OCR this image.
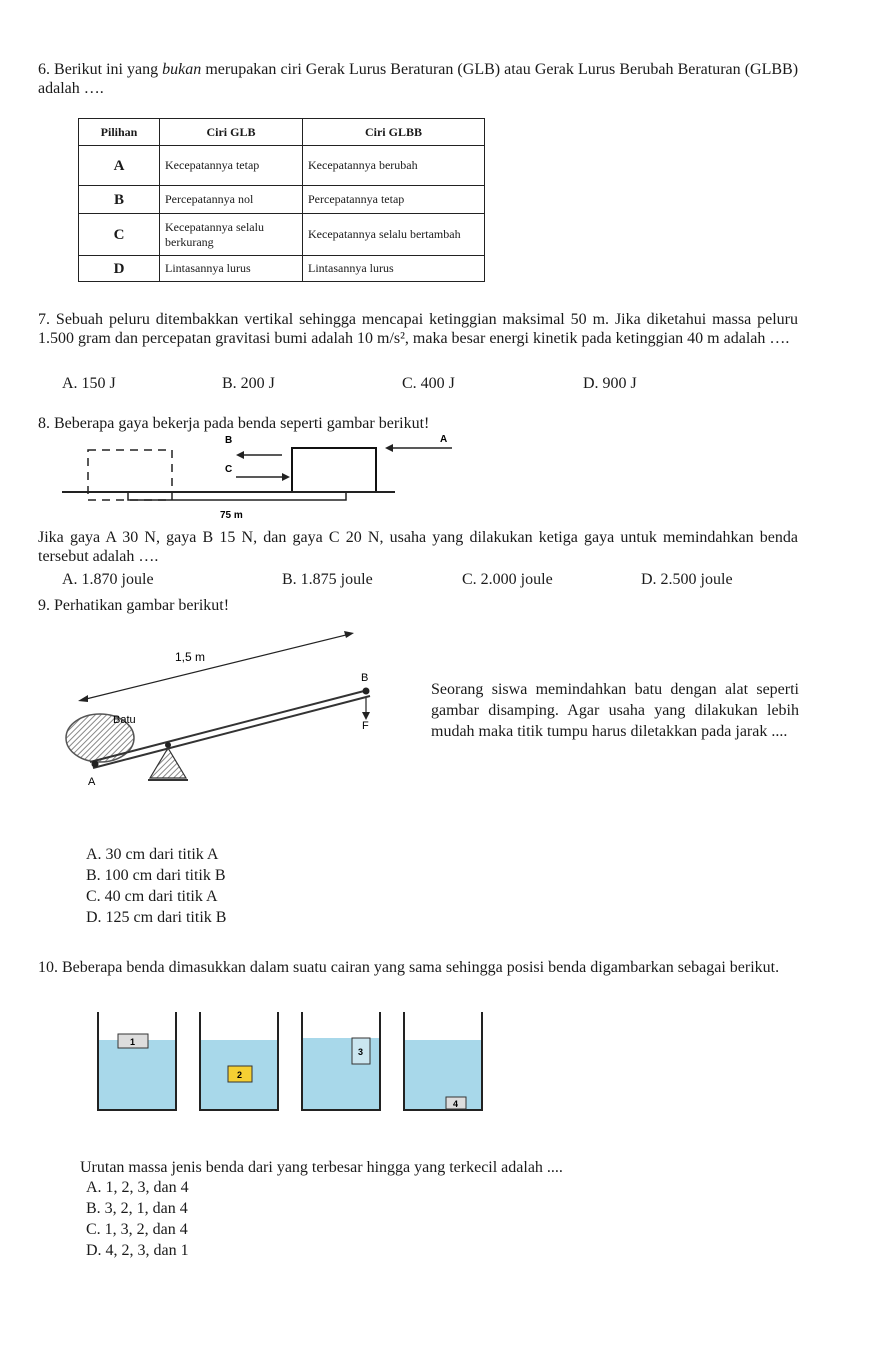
6. Berikut ini yang bukan merupakan ciri Gerak Lurus Beraturan (GLB) atau Gerak Lurus Berubah Beraturan (GLBB) adalah ….
Pilihan	Ciri GLB	Ciri GLBB
A	Kecepatannya tetap	Kecepatannya berubah
B	Percepatannya nol	Percepatannya tetap
C	Kecepatannya selalu berkurang	Kecepatannya selalu bertambah
D	Lintasannya lurus	Lintasannya lurus
7. Sebuah peluru ditembakkan vertikal sehingga mencapai ketinggian maksimal 50 m. Jika diketahui massa peluru 1.500 gram dan percepatan gravitasi bumi adalah 10 m/s², maka besar energi kinetik pada ketinggian 40 m adalah ….
A. 150 J	B. 200 J	C. 400 J	D. 900 J
8. Beberapa gaya bekerja pada benda seperti gambar berikut!
A
B
C
75 m
Jika gaya A 30 N, gaya B 15 N, dan gaya C 20 N, usaha yang dilakukan ketiga gaya untuk memindahkan benda tersebut adalah ….
A. 1.870 joule	B. 1.875 joule	C. 2.000 joule	D. 2.500 joule
9. Perhatikan gambar berikut!
1,5 m
Batu
B
F
A
Seorang siswa memindahkan batu dengan alat seperti gambar disamping. Agar usaha yang dilakukan lebih mudah maka titik tumpu harus diletakkan pada jarak ....
A. 30 cm dari titik A
B. 100 cm dari titik B
C. 40 cm dari titik A
D. 125 cm dari titik B
10. Beberapa benda dimasukkan dalam suatu cairan yang sama sehingga posisi benda digambarkan sebagai berikut.
1
2
3
4
Urutan massa jenis benda dari yang terbesar hingga yang terkecil adalah ....
A. 1, 2, 3, dan 4
B. 3, 2, 1, dan 4
C. 1, 3, 2, dan 4
D. 4, 2, 3, dan 1
